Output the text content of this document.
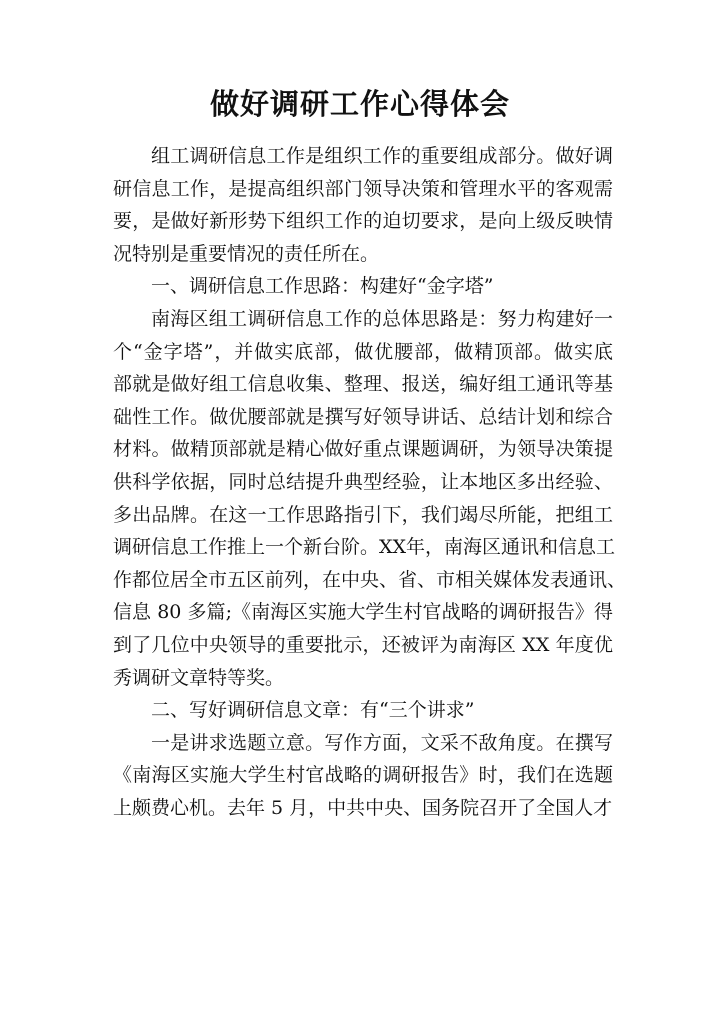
做好调研工作心得体会
组工调研信息工作是组织工作的重要组成部分。做好调
研信息工作，是提高组织部门领导决策和管理水平的客观需
要，是做好新形势下组织工作的迫切要求，是向上级反映情
况特别是重要情况的责任所在。
一、调研信息工作思路：构建好“金字塔”
南海区组工调研信息工作的总体思路是：努力构建好一
个“金字塔”，并做实底部，做优腰部，做精顶部。做实底
部就是做好组工信息收集、整理、报送，编好组工通讯等基
础性工作。做优腰部就是撰写好领导讲话、总结计划和综合
材料。做精顶部就是精心做好重点课题调研，为领导决策提
供科学依据，同时总结提升典型经验，让本地区多出经验、
多出品牌。在这一工作思路指引下，我们竭尽所能，把组工
调研信息工作推上一个新台阶。XX年，南海区通讯和信息工
作都位居全市五区前列，在中央、省、市相关媒体发表通讯、
信息 80 多篇;《南海区实施大学生村官战略的调研报告》得
到了几位中央领导的重要批示，还被评为南海区 XX 年度优
秀调研文章特等奖。
二、写好调研信息文章：有“三个讲求”
一是讲求选题立意。写作方面，文采不敌角度。在撰写
《南海区实施大学生村官战略的调研报告》时，我们在选题
上颇费心机。去年 5 月，中共中央、国务院召开了全国人才
